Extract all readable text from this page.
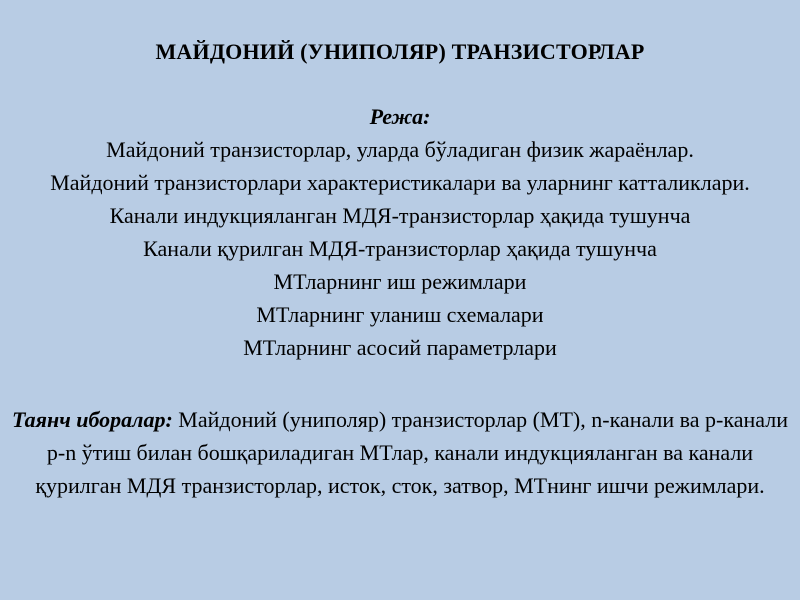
МАЙДОНИЙ (УНИПОЛЯР) ТРАНЗИСТОРЛАР
Режа:
Майдоний транзисторлар, уларда бўладиган физик жараёнлар.
Майдоний транзисторлари характеристикалари ва уларнинг катталиклари.
Канали индукцияланган МДЯ-транзисторлар ҳақида тушунча
Канали қурилган МДЯ-транзисторлар ҳақида тушунча
МТларнинг иш режимлари
МТларнинг уланиш схемалари
МТларнинг асосий параметрлари
Таянч иборалар: Майдоний (униполяр) транзисторлар (МТ), n-канали ва p-канали p-n ўтиш билан бошқариладиган МТлар, канали индукцияланган ва канали қурилган МДЯ транзисторлар, исток, сток, затвор, МТнинг ишчи режимлари.
